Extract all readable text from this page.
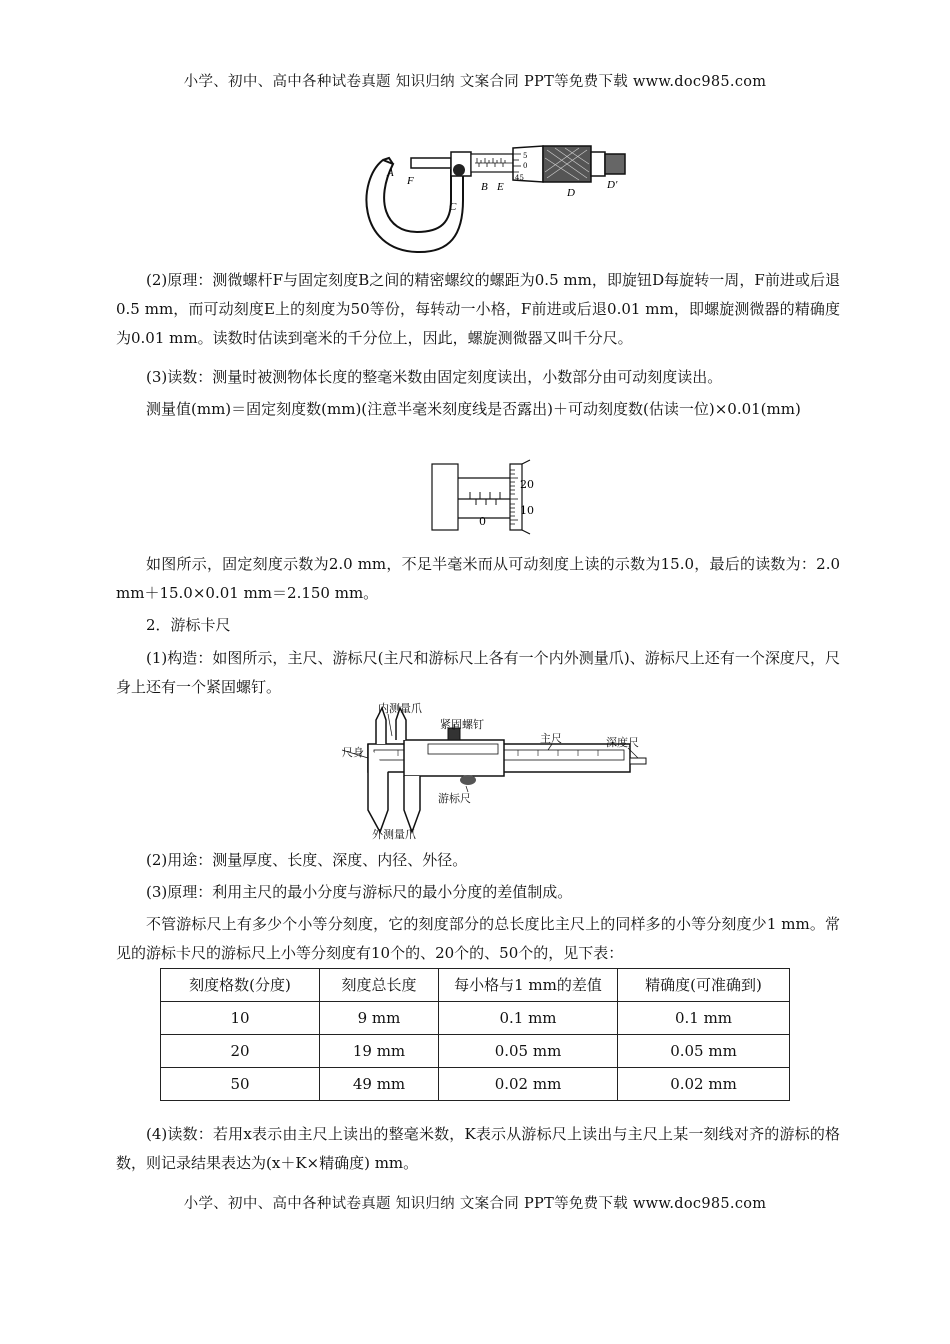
小学、初中、高中各种试卷真题 知识归纳 文案合同 PPT等免费下载 www.doc985.com
A
F	B E
C
D
D′
5
0
45
(2)原理：测微螺杆F与固定刻度B之间的精密螺纹的螺距为0.5 mm，即旋钮D每旋转一周，F前进或后退0.5 mm，而可动刻度E上的刻度为50等份，每转动一小格，F前进或后退0.01 mm，即螺旋测微器的精确度为0.01 mm。读数时估读到毫米的千分位上，因此，螺旋测微器又叫千分尺。
(3)读数：测量时被测物体长度的整毫米数由固定刻度读出，小数部分由可动刻度读出。
测量值(mm)＝固定刻度数(mm)(注意半毫米刻度线是否露出)＋可动刻度数(估读一位)×0.01(mm)
20
10
0
如图所示，固定刻度示数为2.0 mm，不足半毫米而从可动刻度上读的示数为15.0，最后的读数为：2.0 mm＋15.0×0.01 mm＝2.150 mm。
2．游标卡尺
(1)构造：如图所示，主尺、游标尺(主尺和游标尺上各有一个内外测量爪)、游标尺上还有一个深度尺，尺身上还有一个紧固螺钉。
内测量爪
紧固螺钉
主尺	深度尺
尺身
游标尺
外测量爪
(2)用途：测量厚度、长度、深度、内径、外径。
(3)原理：利用主尺的最小分度与游标尺的最小分度的差值制成。
不管游标尺上有多少个小等分刻度，它的刻度部分的总长度比主尺上的同样多的小等分刻度少1 mm。常见的游标卡尺的游标尺上小等分刻度有10个的、20个的、50个的，见下表：
刻度格数(分度)	刻度总长度	每小格与1 mm的差值	精确度(可准确到)
10	9 mm	0.1 mm	0.1 mm
20	19 mm	0.05 mm	0.05 mm
50	49 mm	0.02 mm	0.02 mm
(4)读数：若用x表示由主尺上读出的整毫米数，K表示从游标尺上读出与主尺上某一刻线对齐的游标的格数，则记录结果表达为(x＋K×精确度) mm。
小学、初中、高中各种试卷真题 知识归纳 文案合同 PPT等免费下载 www.doc985.com
